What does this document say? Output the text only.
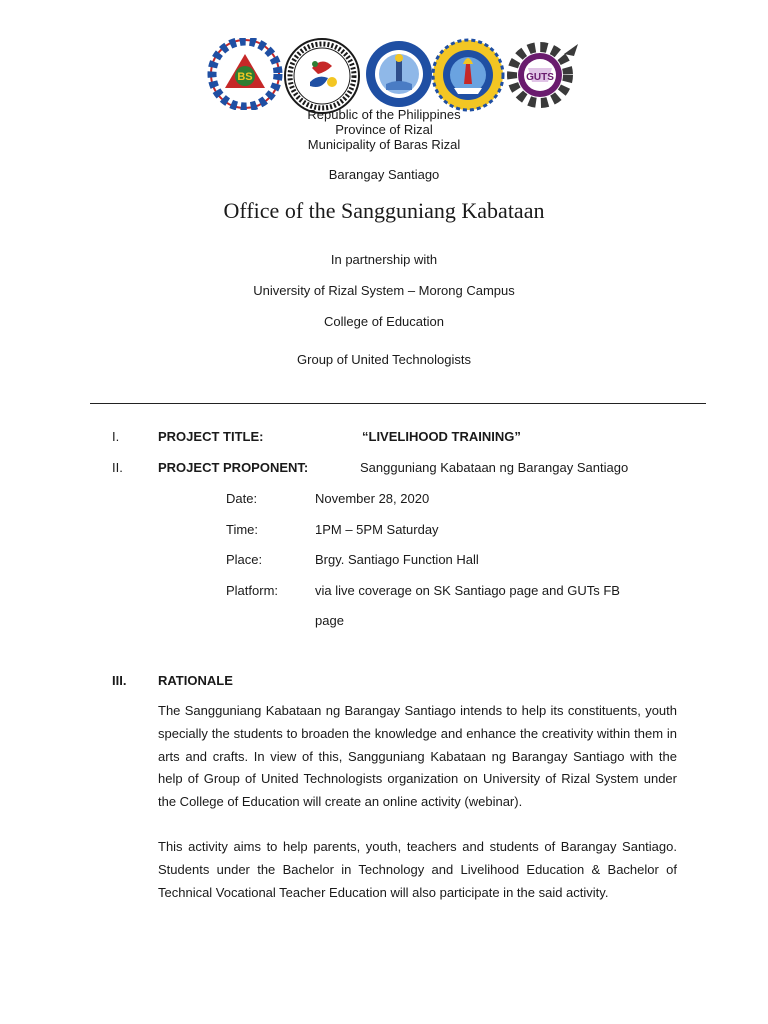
BS	GUTS
Republic of the Philippines
Province of Rizal
Municipality of Baras Rizal
Barangay Santiago
Office of the Sangguniang Kabataan
In partnership with
University of Rizal System – Morong Campus
College of Education
Group of United Technologists
I.	PROJECT TITLE:	“LIVELIHOOD TRAINING”
II.	PROJECT PROPONENT:	Sangguniang Kabataan ng Barangay Santiago
Date:	November 28, 2020
Time:	1PM – 5PM Saturday
Place:	Brgy. Santiago Function Hall
Platform:	via live coverage on SK Santiago page and GUTs FB
page
III. RATIONALE
The Sangguniang Kabataan ng Barangay Santiago intends to help its constituents, youth specially the students to broaden the knowledge and enhance the creativity within them in arts and crafts. In view of this, Sangguniang Kabataan ng Barangay Santiago with the help of Group of United Technologists organization on University of Rizal System under the College of Education will create an online activity (webinar).
This activity aims to help parents, youth, teachers and students of Barangay Santiago. Students under the Bachelor in Technology and Livelihood Education & Bachelor of Technical Vocational Teacher Education will also participate in the said activity.
